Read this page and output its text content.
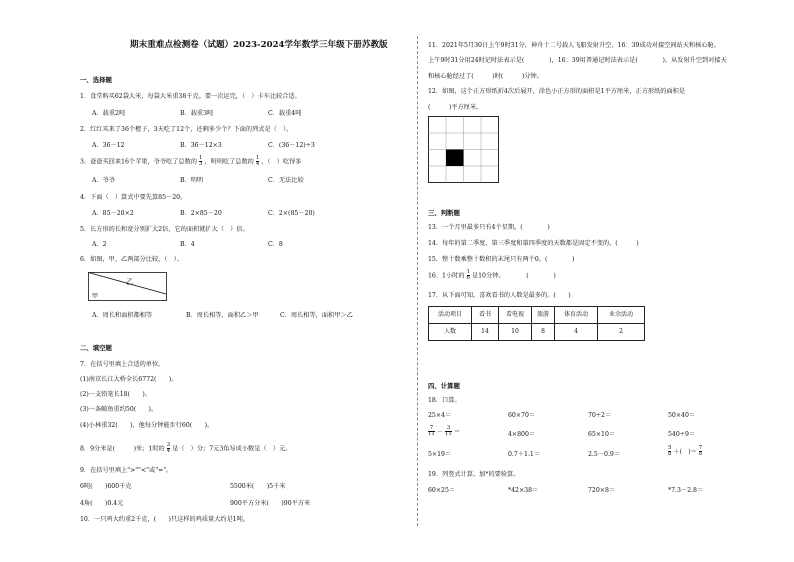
期末重难点检测卷（试题）2023-2024学年数学三年级下册苏教版
一、选择题
1．食堂购买62袋大米，每袋大米重38千克。要一次运完，（　）卡车比较合适。
A．载重2吨	B．载重3吨	C．载重4吨
2．红红买来了36个橙子，3天吃了12个，还剩多少个？下面的列式是（　）。
A．36－12	B．36－12×3	C．(36－12)÷3
3．爸爸买回来16个苹果，爷爷吃了总数的 $\frac{1}{3}$ ，明明吃了总数的 $\frac{1}{4}$ ，（　）吃得多
A．爷爷	B．明明	C．无法比较
4．下面（　）算式中要先算85－20。
A．85－20×2	B．2×85－20	C．2×(85－20)
5．长方形的长和宽分别扩大2倍，它的面积就扩大（　）倍。
A．2	B．4	C．8
6．如图，甲、乙两部分比较，（　）。
甲
乙
A．周长和面积都相等	B．周长相等，面积乙＞甲	C．周长相等，面积甲＞乙
二、填空题
7．在括号里填上合适的单位。
(1)南京长江大桥全长6772(　　)。
(2)一支铅笔长18(　　)。
(3)一条鲸鱼重约50(　　)。
(4)小林重32(　　)，他每分钟能步行60(　　)。
8．9分米是(　　　)米；1时的 $\frac{3}{4}$ 是（　）分；7元3角写成小数是（　）元。
9．在括号里填上">""<"或"="。
6吨(　　)600千克	5500米(　　)5千米
4角(　　)0.4元	900平方分米(　　)90平方米
10．一只鸡大约重2千克，(　　)只这样的鸡质量大约是1吨。
11．2021年5月30日上午9时31分，神舟十二号载人飞船发射升空，16：39成功对接空间站天和核心舱。
上午9时31分用24时记时法表示是(　　　　)，16：39用普通记时法表示是(　　　　)。从发射升空到对接天
和核心舱经过了(　　　)时(　　　)分钟。
12．如图，这个正方形纸折4次后展开，涂色小正方形的面积是1平方厘米，正方形纸的面积是
(　　　)平方厘米。
三、判断题
13．一个月里最多只有4个星期。(　　　　)
14．每年的第二季度、第三季度和第四季度的天数都是固定不变的。(　　　)
15．整十数乘整十数积的末尾只有两个0。(　　　　)
16．1小时的 $\frac{1}{6}$ 是10分钟。　　　　(　　　　)
17．从下面可知，喜欢看书的人数是最多的。(　　)
活动项目	看书	看电视	旅游	体育活动	业余活动
人数	14	10	8	4	2
四、计算题
18．口算。
25×4＝	60×70＝	70÷2＝	50×40＝
$\frac{7}{11} - \frac{3}{11}$ ＝	4×800＝	65×10＝	540÷9＝
5×19＝	0.7＋1.1＝	2.5－0.9＝	$\frac{5}{8}$ ＋(　)＝ $\frac{7}{8}$
19．列竖式计算，加*的要验算。
60×25＝	*42×38＝	720×8＝	*7.3－2.8＝
